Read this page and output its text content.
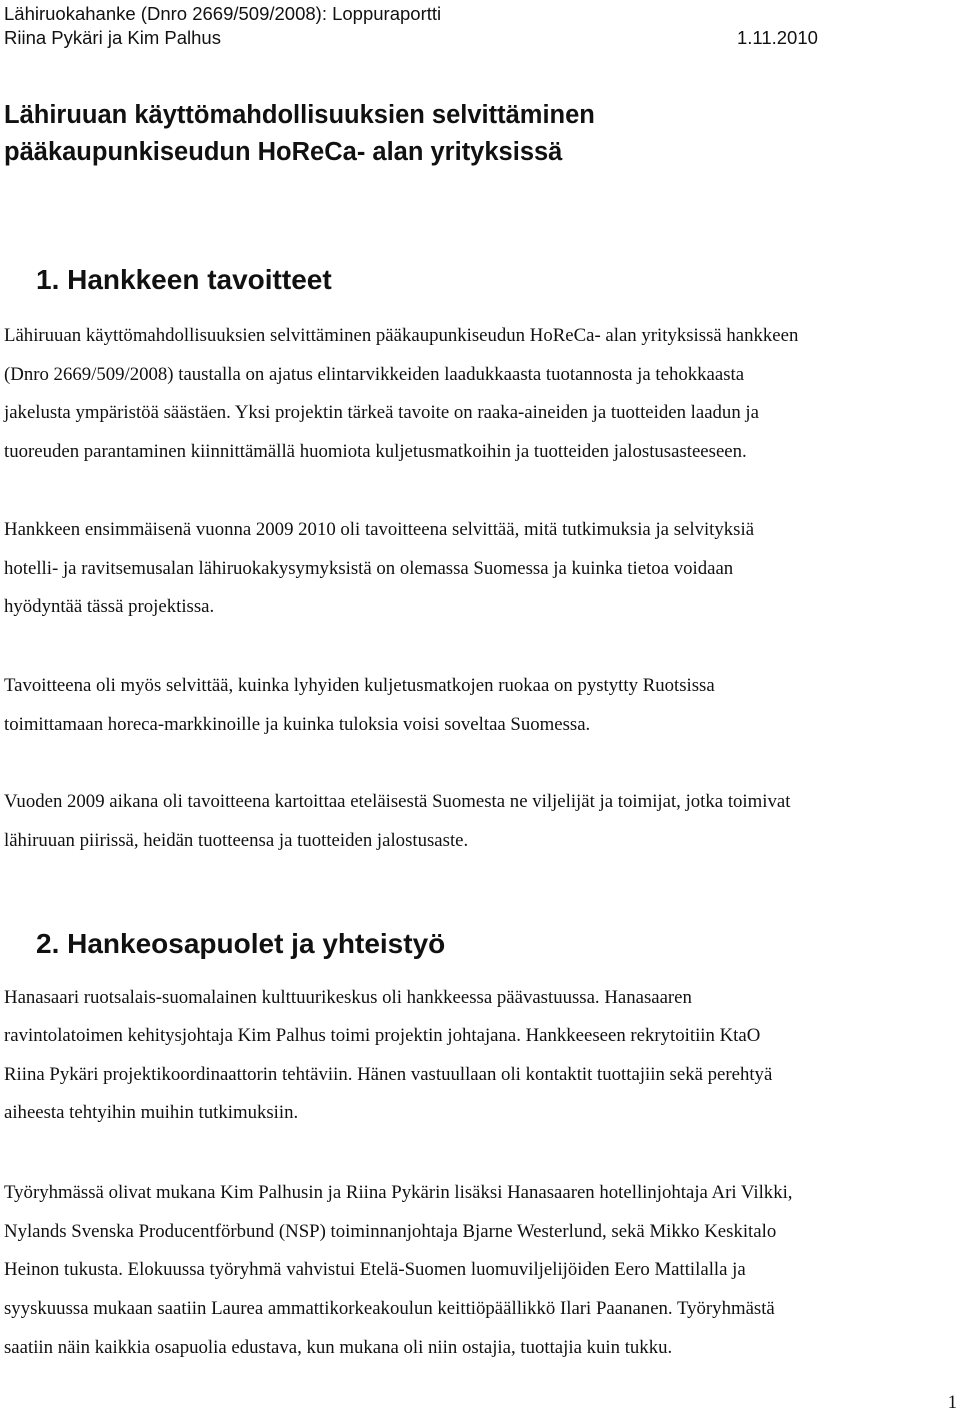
Lähiruokahanke (Dnro 2669/509/2008): Loppuraportti
Riina Pykäri ja Kim Palhus	1.11.2010
Lähiruuan käyttömahdollisuuksien selvittäminen
pääkaupunkiseudun HoReCa- alan yrityksissä
1. Hankkeen tavoitteet
Lähiruuan käyttömahdollisuuksien selvittäminen pääkaupunkiseudun HoReCa- alan yrityksissä hankkeen
(Dnro 2669/509/2008) taustalla on ajatus elintarvikkeiden laadukkaasta tuotannosta ja tehokkaasta
jakelusta ympäristöä säästäen. Yksi projektin tärkeä tavoite on raaka-aineiden ja tuotteiden laadun ja
tuoreuden parantaminen kiinnittämällä huomiota kuljetusmatkoihin ja tuotteiden jalostusasteeseen.
Hankkeen ensimmäisenä vuonna 2009 2010 oli tavoitteena selvittää, mitä tutkimuksia ja selvityksiä
hotelli- ja ravitsemusalan lähiruokakysymyksistä on olemassa Suomessa ja kuinka tietoa voidaan
hyödyntää tässä projektissa.
Tavoitteena oli myös selvittää, kuinka lyhyiden kuljetusmatkojen ruokaa on pystytty Ruotsissa
toimittamaan horeca-markkinoille ja kuinka tuloksia voisi soveltaa Suomessa.
Vuoden 2009 aikana oli tavoitteena kartoittaa eteläisestä Suomesta ne viljelijät ja toimijat, jotka toimivat
lähiruuan piirissä, heidän tuotteensa ja tuotteiden jalostusaste.
2. Hankeosapuolet ja yhteistyö
Hanasaari ruotsalais-suomalainen kulttuurikeskus oli hankkeessa päävastuussa. Hanasaaren
ravintolatoimen kehitysjohtaja Kim Palhus toimi projektin johtajana. Hankkeeseen rekrytoitiin KtaO
Riina Pykäri projektikoordinaattorin tehtäviin. Hänen vastuullaan oli kontaktit tuottajiin sekä perehtyä
aiheesta tehtyihin muihin tutkimuksiin.
Työryhmässä olivat mukana Kim Palhusin ja Riina Pykärin lisäksi Hanasaaren hotellinjohtaja Ari Vilkki,
Nylands Svenska Producentförbund (NSP) toiminnanjohtaja Bjarne Westerlund, sekä Mikko Keskitalo
Heinon tukusta. Elokuussa työryhmä vahvistui Etelä-Suomen luomuviljelijöiden Eero Mattilalla ja
syyskuussa mukaan saatiin Laurea ammattikorkeakoulun keittiöpäällikkö Ilari Paananen. Työryhmästä
saatiin näin kaikkia osapuolia edustava, kun mukana oli niin ostajia, tuottajia kuin tukku.
1
